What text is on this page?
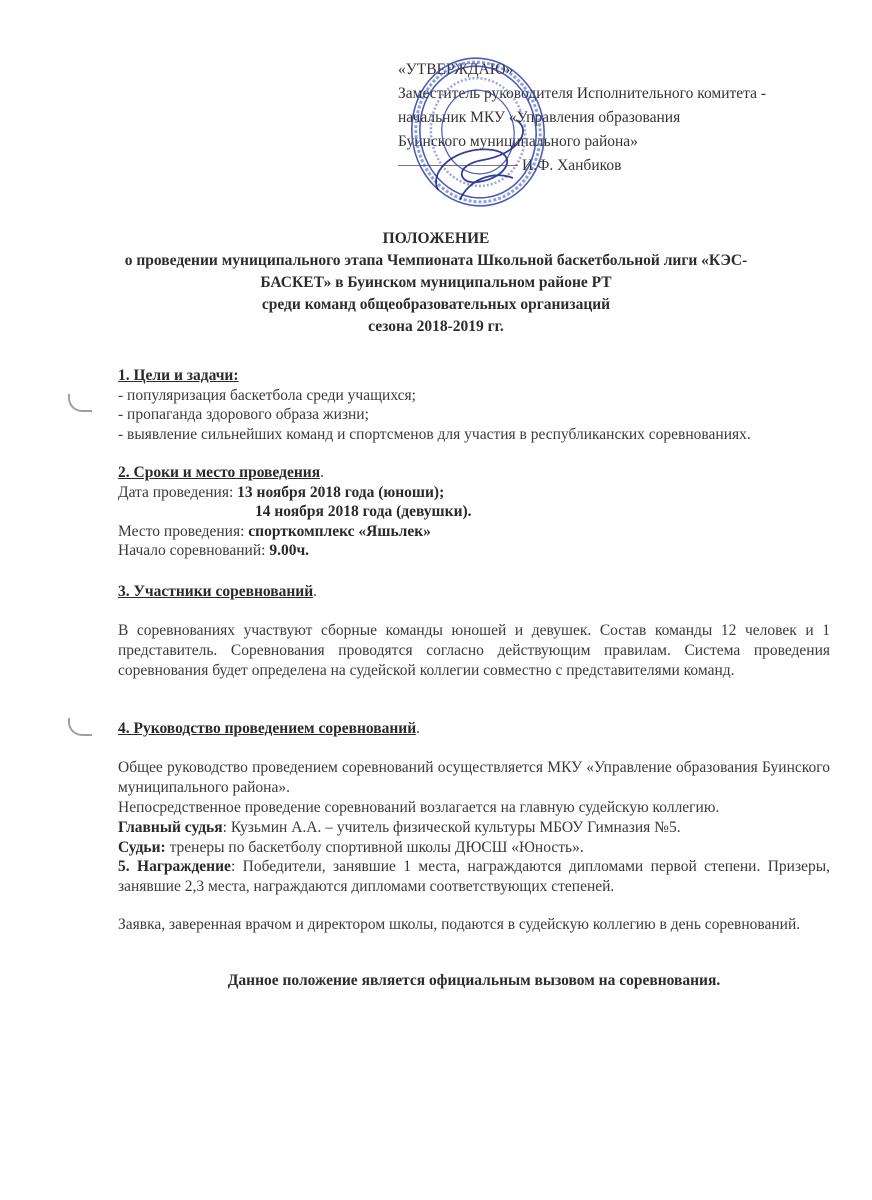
«УТВЕРЖДАЮ»
Заместитель руководителя Исполнительного комитета -
начальник МКУ «Управления образования
Буинского муниципального района»
И.Ф. Ханбиков
ПОЛОЖЕНИЕ
о проведении муниципального этапа Чемпионата Школьной баскетбольной лиги «КЭС-
БАСКЕТ» в Буинском муниципальном районе РТ
среди команд общеобразовательных организаций
сезона 2018-2019 гг.
1. Цели и задачи:
- популяризация баскетбола среди учащихся;
- пропаганда здорового образа жизни;
- выявление сильнейших команд и спортсменов для участия в республиканских соревнованиях.
2. Сроки и место проведения.
Дата проведения: 13 ноября 2018 года (юноши);
14 ноября 2018 года (девушки).
Место проведения: спорткомплекс «Яшьлек»
Начало соревнований: 9.00ч.
3. Участники соревнований.
В соревнованиях участвуют сборные команды юношей и девушек. Состав команды 12 человек и 1 представитель. Соревнования проводятся согласно действующим правилам. Система проведения соревнования будет определена на судейской коллегии совместно с представителями команд.
4. Руководство проведением соревнований.
Общее руководство проведением соревнований осуществляется МКУ «Управление образования Буинского муниципального района».
Непосредственное проведение соревнований возлагается на главную судейскую коллегию.
Главный судья: Кузьмин А.А. – учитель физической культуры МБОУ Гимназия №5.
Судьи: тренеры по баскетболу спортивной школы ДЮСШ «Юность».
5. Награждение: Победители, занявшие 1 места, награждаются дипломами первой степени. Призеры, занявшие 2,3 места, награждаются дипломами соответствующих степеней.
Заявка, заверенная врачом и директором школы, подаются в судейскую коллегию в день соревнований.
Данное положение является официальным вызовом на соревнования.
